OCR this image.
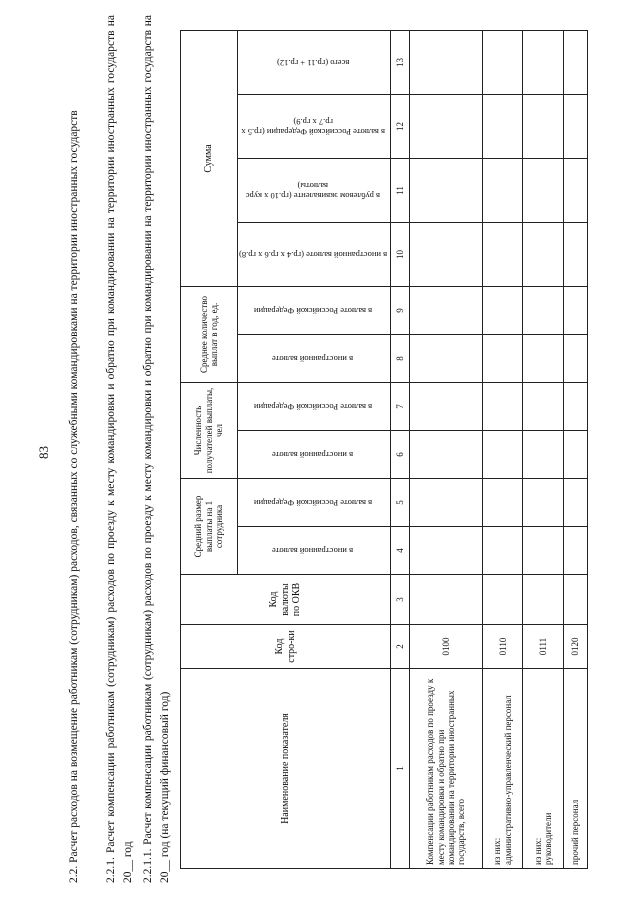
83 2.2. Расчет расходов на возмещение работникам (сотрудникам) расходов, связанных со служебными командировками на территории иностранных государств 2.2.1. Расчет компенсации работникам (сотрудникам) расходов по проезду к месту командировки и обратно при командировании на территории иностранных государств на 20__ год 2.2.1.1. Расчет компенсации работникам (сотрудникам) расходов по проезду к месту командировки и обратно при командировании на территории иностранных государств на 20__ год (на текущий финансовый год)	Наименование показателя	Код стро-ки	Код валюты по ОКВ	Средний размер выплаты на 1 сотрудника		Численность получателей выплаты, чел		Среднее количество выплат в год, ед.		Сумма			
			в иностранной валюте	в валюте Российской Федерации	в иностранной валюте	в валюте Российской Федерации	в иностранной валюте	в валюте Российской Федерации	в иностранной валюте (гр.4 х гр.6 х гр.8)	в рублевом эквиваленте (гр.10 х курс валюты)	в валюте Российской Федерации (гр.5 х гр.7 х гр.9)	всего (гр.11 + гр.12)
1	2	3	4	5	6	7	8	9	10	11	12	13
Компенсации работникам расходов по проезду к месту командировки и обратно при командировании на территории иностранных государств, всего	0100											
из них:
административно-управленческий персонал	0110											
из них:
руководители	0111											
прочий персонал	0120											
